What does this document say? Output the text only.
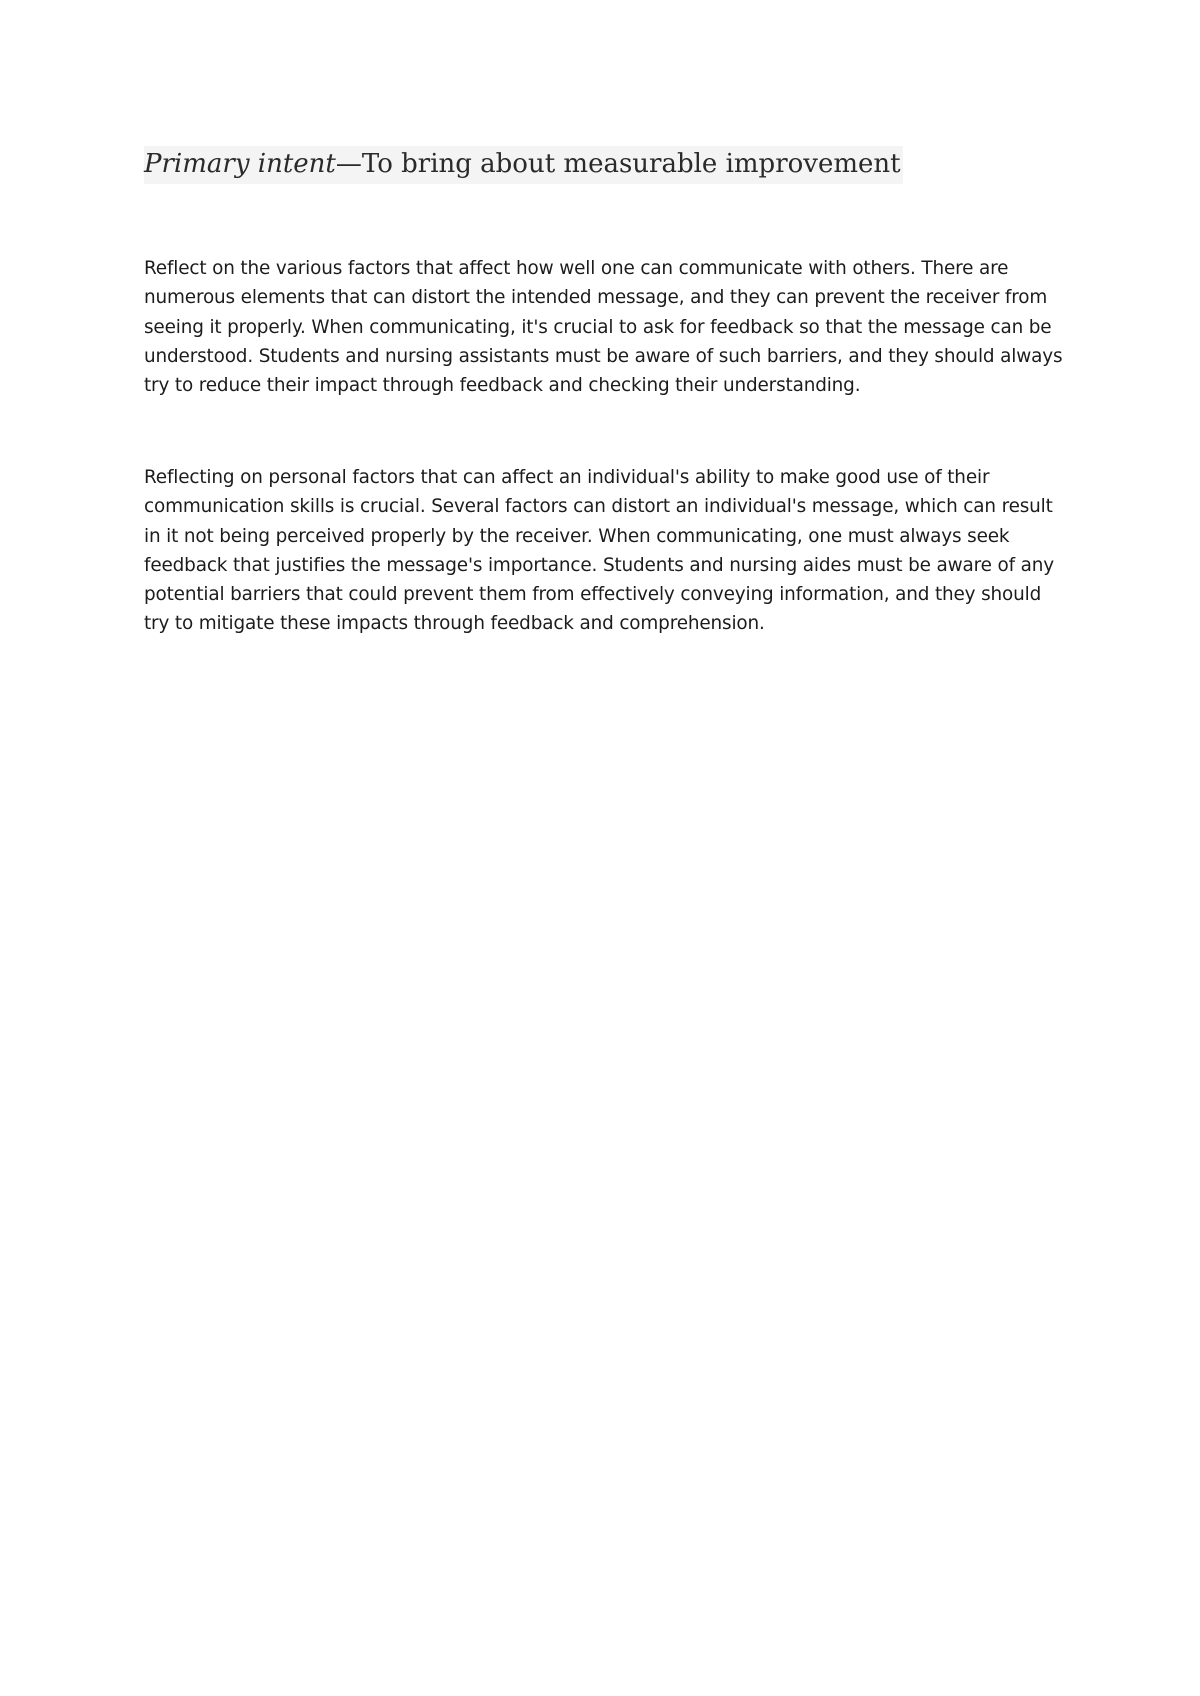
Primary intent—To bring about measurable improvement

Reflect on the various factors that affect how well one can communicate with others. There are numerous elements that can distort the intended message, and they can prevent the receiver from seeing it properly. When communicating, it's crucial to ask for feedback so that the message can be understood. Students and nursing assistants must be aware of such barriers, and they should always try to reduce their impact through feedback and checking their understanding.

Reflecting on personal factors that can affect an individual's ability to make good use of their communication skills is crucial. Several factors can distort an individual's message, which can result in it not being perceived properly by the receiver. When communicating, one must always seek feedback that justifies the message's importance. Students and nursing aides must be aware of any potential barriers that could prevent them from effectively conveying information, and they should try to mitigate these impacts through feedback and comprehension.
